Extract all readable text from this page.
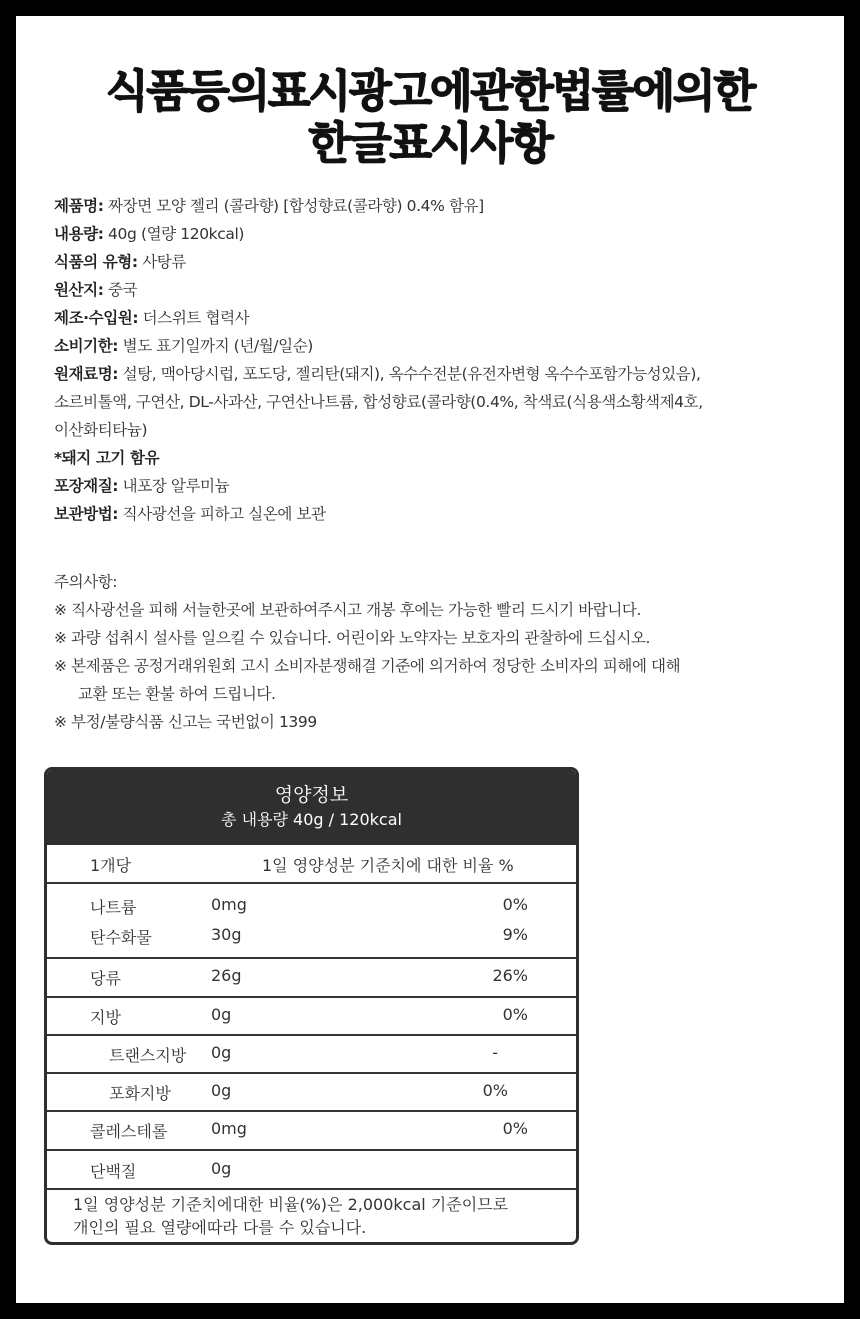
식품등의표시광고에관한법률에의한
한글표시사항
제품명: 짜장면 모양 젤리 (콜라향) [합성향료(콜라향) 0.4% 함유]
내용량: 40g (열량 120kcal)
식품의 유형: 사탕류
원산지: 중국
제조·수입원: 더스위트 협력사
소비기한: 별도 표기일까지 (년/월/일순)
원재료명: 설탕, 맥아당시럽, 포도당, 젤리탄(돼지), 옥수수전분(유전자변형 옥수수포함가능성있음),
소르비톨액, 구연산, DL-사과산, 구연산나트륨, 합성향료(콜라향(0.4%, 착색료(식용색소황색제4호,
이산화티타늄)
*돼지 고기 함유
포장재질: 내포장 알루미늄
보관방법: 직사광선을 피하고 실온에 보관
주의사항:
※ 직사광선을 피해 서늘한곳에 보관하여주시고 개봉 후에는 가능한 빨리 드시기 바랍니다.
※ 과량 섭취시 설사를 일으킬 수 있습니다. 어린이와 노약자는 보호자의 관찰하에 드십시오.
※ 본제품은 공정거래위원회 고시 소비자분쟁해결 기준에 의거하여 정당한 소비자의 피해에 대해
교환 또는 환불 하여 드립니다.
※ 부정/불량식품 신고는 국번없이 1399
영양정보
총 내용량 40g / 120kcal
1개당	1일 영양성분 기준치에 대한 비율 %
나트륨	0mg	0%
탄수화물	30g	9%
당류	26g	26%
지방	0g	0%
트랜스지방 0g	-
포화지방	0g	0%
콜레스테롤	0mg	0%
단백질	0g
1일 영양성분 기준치에대한 비율(%)은 2,000kcal 기준이므로
개인의 필요 열량에따라 다를 수 있습니다.
